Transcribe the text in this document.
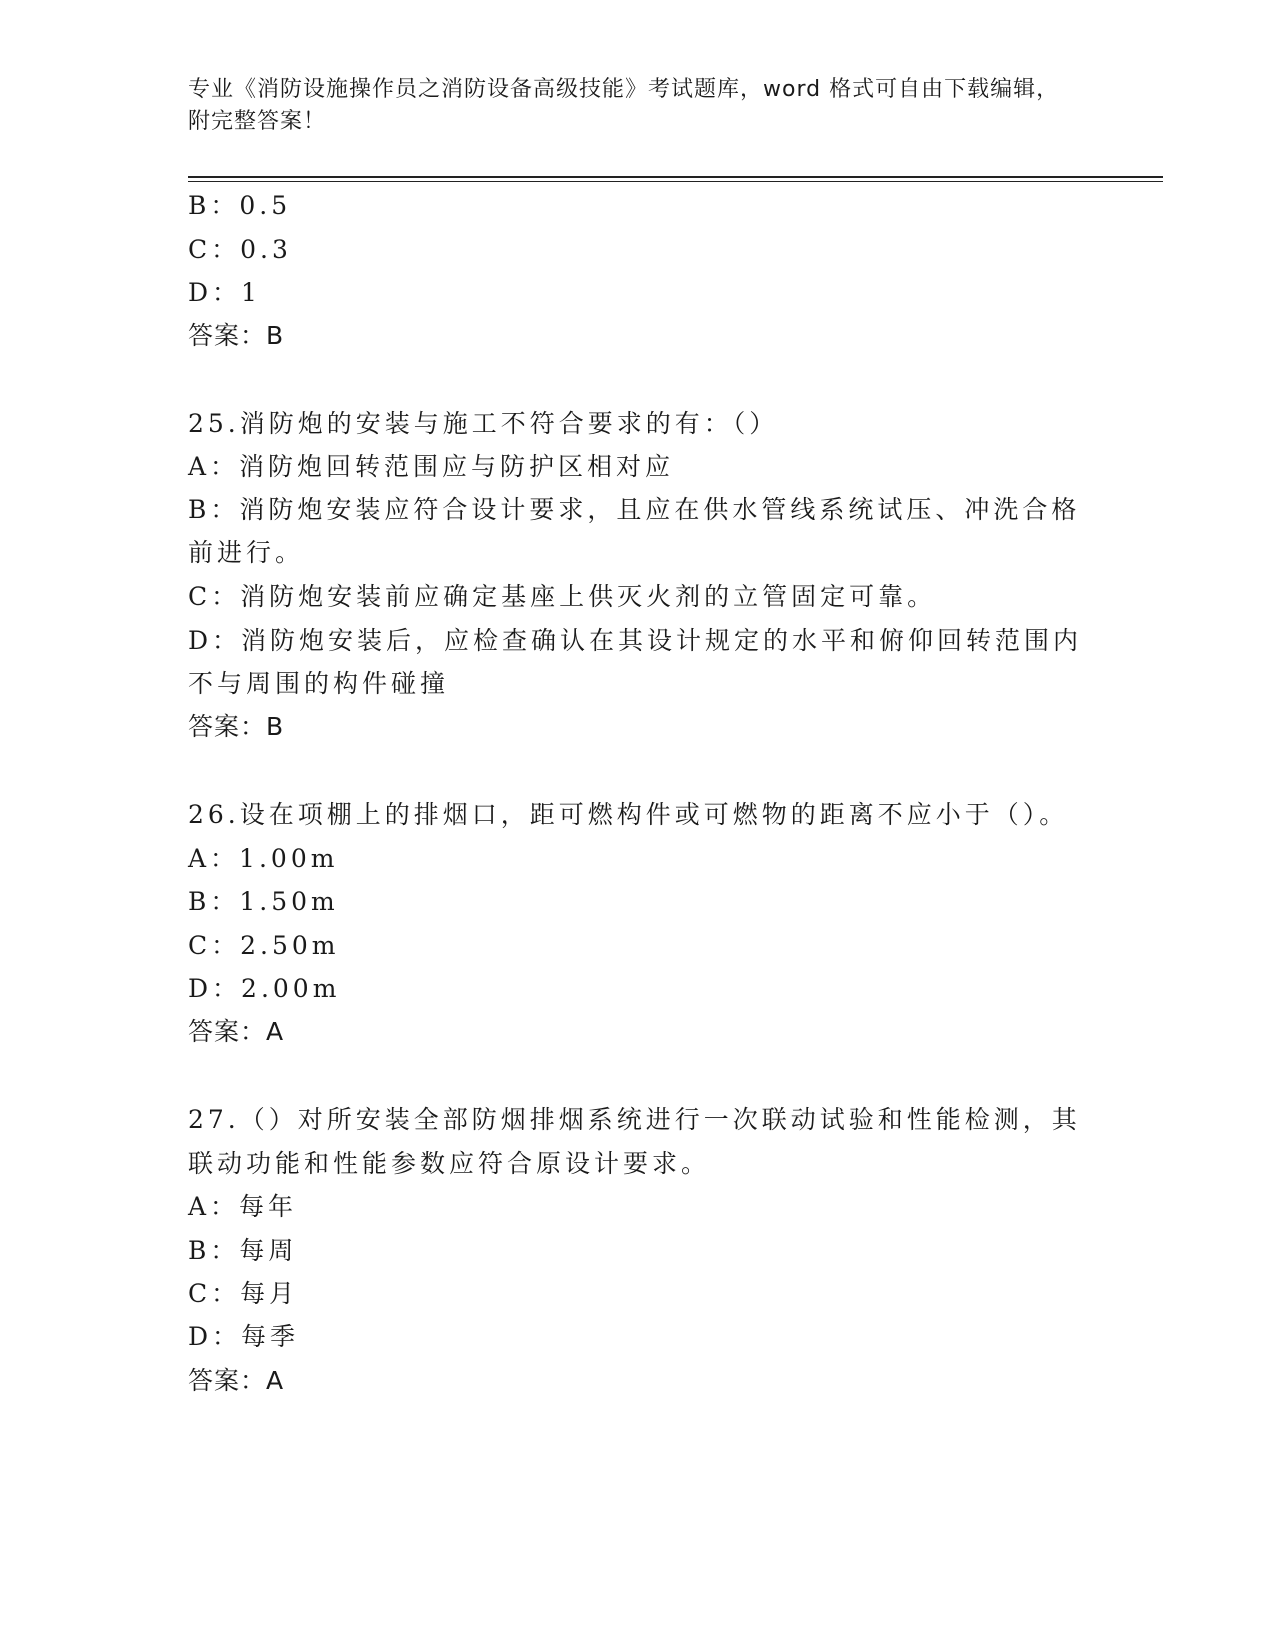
专业《消防设施操作员之消防设备高级技能》考试题库，word 格式可自由下载编辑，附完整答案！
B：0.5
C：0.3
D：1
答案：B
25.消防炮的安装与施工不符合要求的有：（）
A：消防炮回转范围应与防护区相对应
B：消防炮安装应符合设计要求，且应在供水管线系统试压、冲洗合格
前进行。
C：消防炮安装前应确定基座上供灭火剂的立管固定可靠。
D：消防炮安装后，应检查确认在其设计规定的水平和俯仰回转范围内
不与周围的构件碰撞
答案：B
26.设在项棚上的排烟口，距可燃构件或可燃物的距离不应小于（）。
A：1.00m
B：1.50m
C：2.50m
D：2.00m
答案：A
27.（）对所安装全部防烟排烟系统进行一次联动试验和性能检测，其
联动功能和性能参数应符合原设计要求。
A：每年
B：每周
C：每月
D：每季
答案：A
